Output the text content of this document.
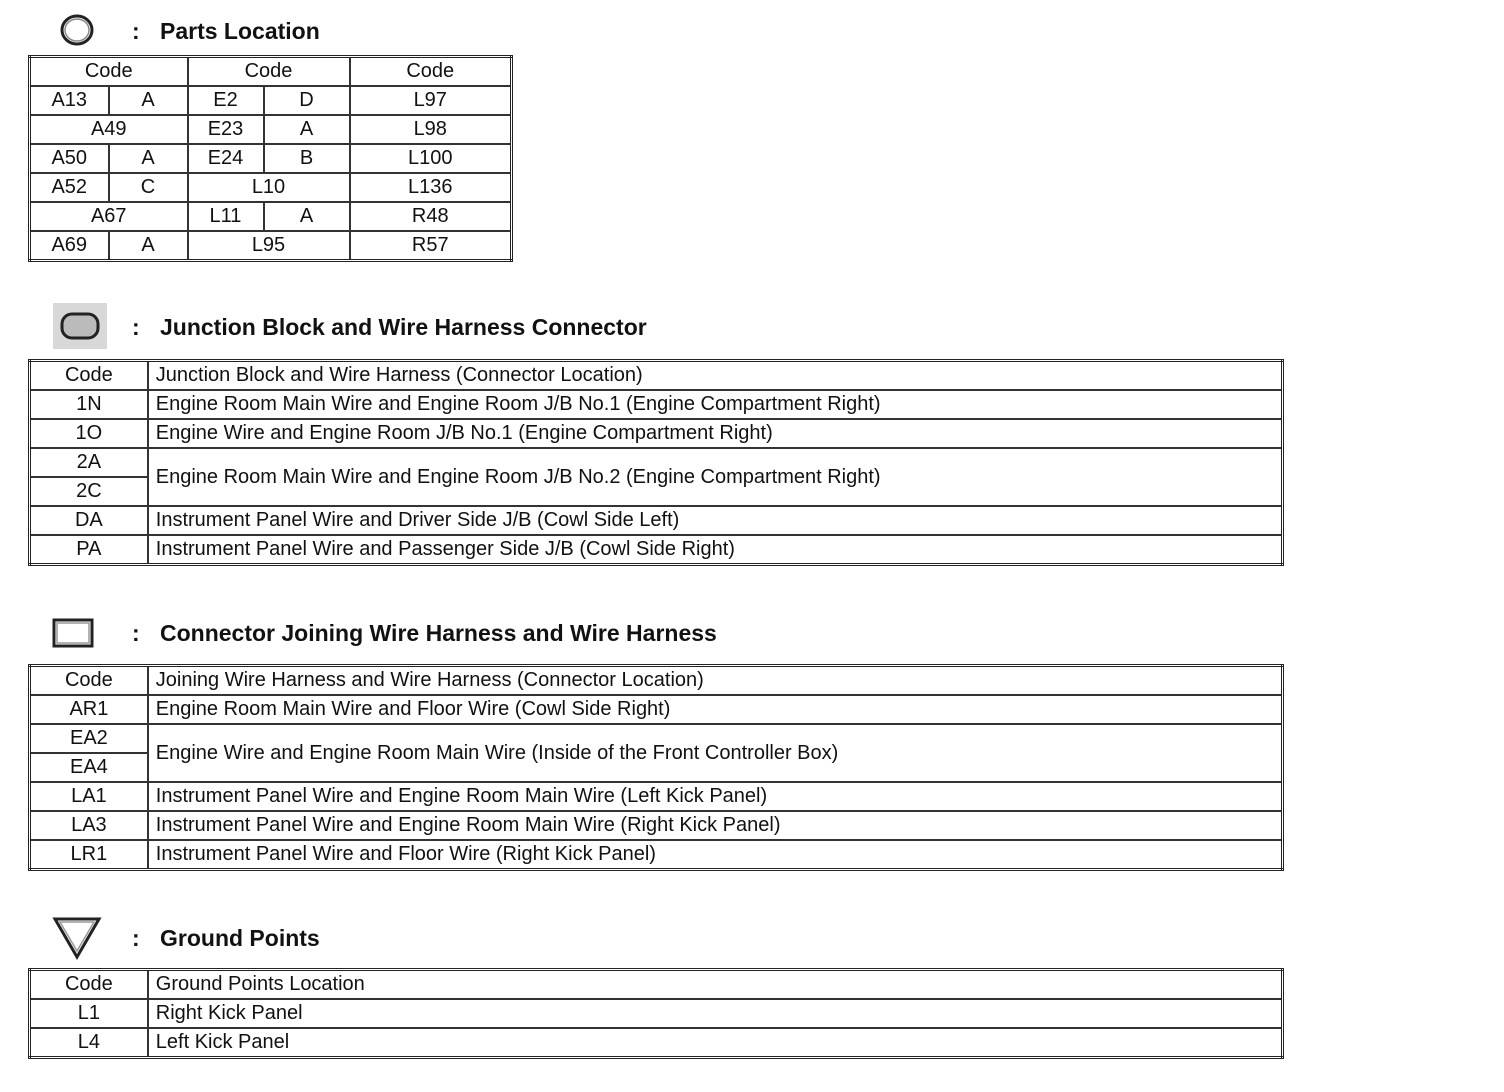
: Parts Location
Code		Code		Code
A13	A	E2	D	L97
A49		E23	A	L98
A50	A	E24	B	L100
A52	C	L10		L136
A67		L11	A	R48
A69	A	L95		R57
: Junction Block and Wire Harness Connector
Code	Junction Block and Wire Harness (Connector Location)
1N	Engine Room Main Wire and Engine Room J/B No.1 (Engine Compartment Right)
1O	Engine Wire and Engine Room J/B No.1 (Engine Compartment Right)
2A	Engine Room Main Wire and Engine Room J/B No.2 (Engine Compartment Right)
2C	
DA	Instrument Panel Wire and Driver Side J/B (Cowl Side Left)
PA	Instrument Panel Wire and Passenger Side J/B (Cowl Side Right)
: Connector Joining Wire Harness and Wire Harness
Code	Joining Wire Harness and Wire Harness (Connector Location)
AR1	Engine Room Main Wire and Floor Wire (Cowl Side Right)
EA2	Engine Wire and Engine Room Main Wire (Inside of the Front Controller Box)
EA4	
LA1	Instrument Panel Wire and Engine Room Main Wire (Left Kick Panel)
LA3	Instrument Panel Wire and Engine Room Main Wire (Right Kick Panel)
LR1	Instrument Panel Wire and Floor Wire (Right Kick Panel)
: Ground Points
Code	Ground Points Location
L1	Right Kick Panel
L4	Left Kick Panel
